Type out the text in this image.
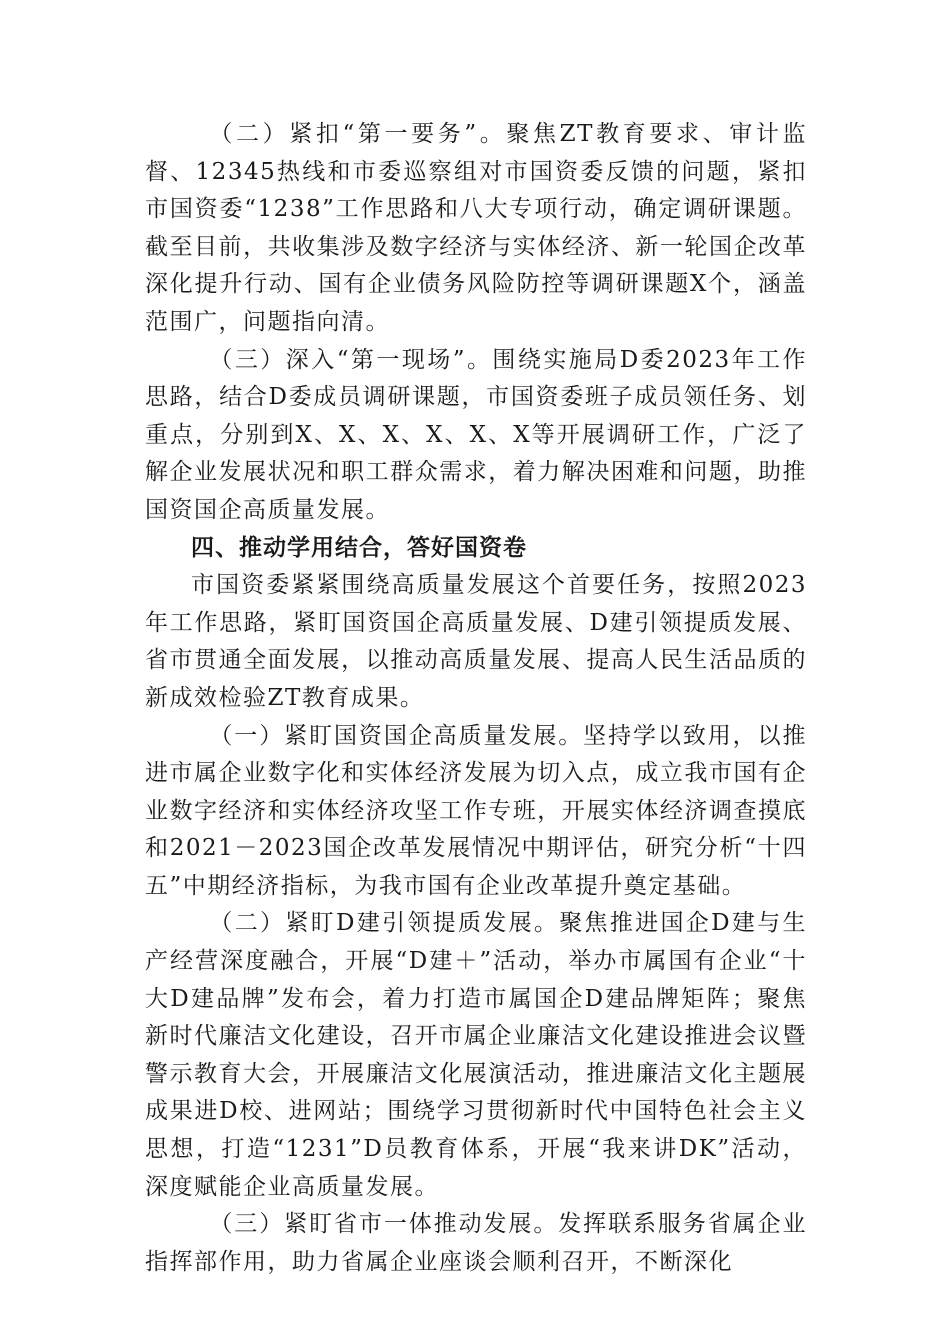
（二）紧扣“第一要务”。聚焦ZT教育要求、审计监督、12345热线和市委巡察组对市国资委反馈的问题，紧扣市国资委“1238”工作思路和八大专项行动，确定调研课题。截至目前，共收集涉及数字经济与实体经济、新一轮国企改革深化提升行动、国有企业债务风险防控等调研课题X个，涵盖范围广，问题指向清。

（三）深入“第一现场”。围绕实施局D委2023年工作思路，结合D委成员调研课题，市国资委班子成员领任务、划重点，分别到X、X、X、X、X、X等开展调研工作，广泛了解企业发展状况和职工群众需求，着力解决困难和问题，助推国资国企高质量发展。

四、推动学用结合，答好国资卷

市国资委紧紧围绕高质量发展这个首要任务，按照2023年工作思路，紧盯国资国企高质量发展、D建引领提质发展、省市贯通全面发展，以推动高质量发展、提高人民生活品质的新成效检验ZT教育成果。

（一）紧盯国资国企高质量发展。坚持学以致用，以推进市属企业数字化和实体经济发展为切入点，成立我市国有企业数字经济和实体经济攻坚工作专班，开展实体经济调查摸底和2021－2023国企改革发展情况中期评估，研究分析“十四五”中期经济指标，为我市国有企业改革提升奠定基础。

（二）紧盯D建引领提质发展。聚焦推进国企D建与生产经营深度融合，开展“D建＋”活动，举办市属国有企业“十大D建品牌”发布会，着力打造市属国企D建品牌矩阵；聚焦新时代廉洁文化建设，召开市属企业廉洁文化建设推进会议暨警示教育大会，开展廉洁文化展演活动，推进廉洁文化主题展成果进D校、进网站；围绕学习贯彻新时代中国特色社会主义思想，打造“1231”D员教育体系，开展“我来讲DK”活动，深度赋能企业高质量发展。

（三）紧盯省市一体推动发展。发挥联系服务省属企业指挥部作用，助力省属企业座谈会顺利召开，不断深化
